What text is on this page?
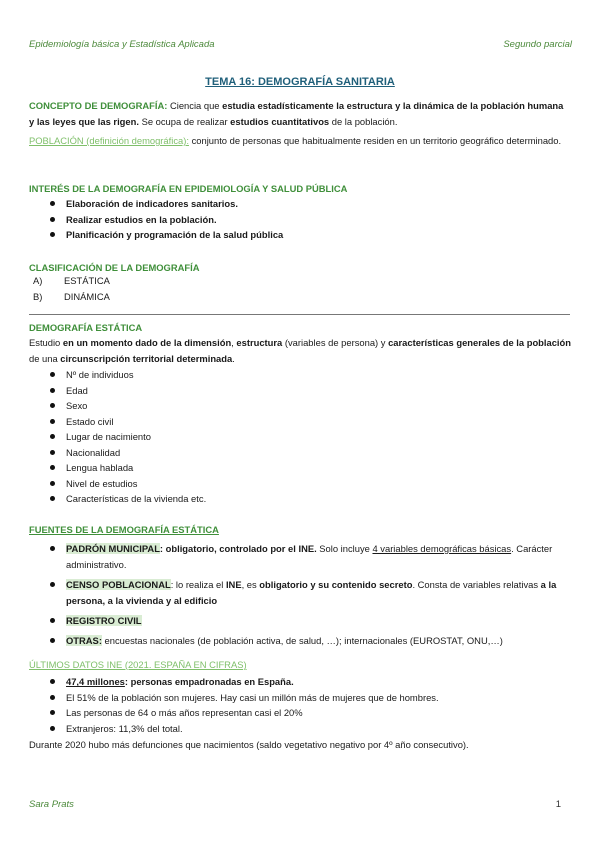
Epidemiología básica y Estadística Aplicada	Segundo parcial
TEMA 16: DEMOGRAFÍA SANITARIA
CONCEPTO DE DEMOGRAFÍA: Ciencia que estudia estadísticamente la estructura y la dinámica de la población humana y las leyes que las rigen. Se ocupa de realizar estudios cuantitativos de la población.
POBLACIÓN (definición demográfica): conjunto de personas que habitualmente residen en un territorio geográfico determinado.
INTERÉS DE LA DEMOGRAFÍA EN EPIDEMIOLOGÍA Y SALUD PÚBLICA
Elaboración de indicadores sanitarios.
Realizar estudios en la población.
Planificación y programación de la salud pública
CLASIFICACIÓN DE LA DEMOGRAFÍA
A) ESTÁTICA
B) DINÁMICA
DEMOGRAFÍA ESTÁTICA
Estudio en un momento dado de la dimensión, estructura (variables de persona) y características generales de la población de una circunscripción territorial determinada.
Nº de individuos
Edad
Sexo
Estado civil
Lugar de nacimiento
Nacionalidad
Lengua hablada
Nivel de estudios
Características de la vivienda etc.
FUENTES DE LA DEMOGRAFÍA ESTÁTICA
PADRÓN MUNICIPAL: obligatorio, controlado por el INE. Solo incluye 4 variables demográficas básicas. Carácter administrativo.
CENSO POBLACIONAL: lo realiza el INE, es obligatorio y su contenido secreto. Consta de variables relativas a la persona, a la vivienda y al edificio
REGISTRO CIVIL
OTRAS: encuestas nacionales (de población activa, de salud, …); internacionales (EUROSTAT, ONU,…)
ÚLTIMOS DATOS INE (2021. ESPAÑA EN CIFRAS)
47,4 millones: personas empadronadas en España.
El 51% de la población son mujeres. Hay casi un millón más de mujeres que de hombres.
Las personas de 64 o más años representan casi el 20%
Extranjeros: 11,3% del total.
Durante 2020 hubo más defunciones que nacimientos (saldo vegetativo negativo por 4º año consecutivo).
Sara Prats	1
